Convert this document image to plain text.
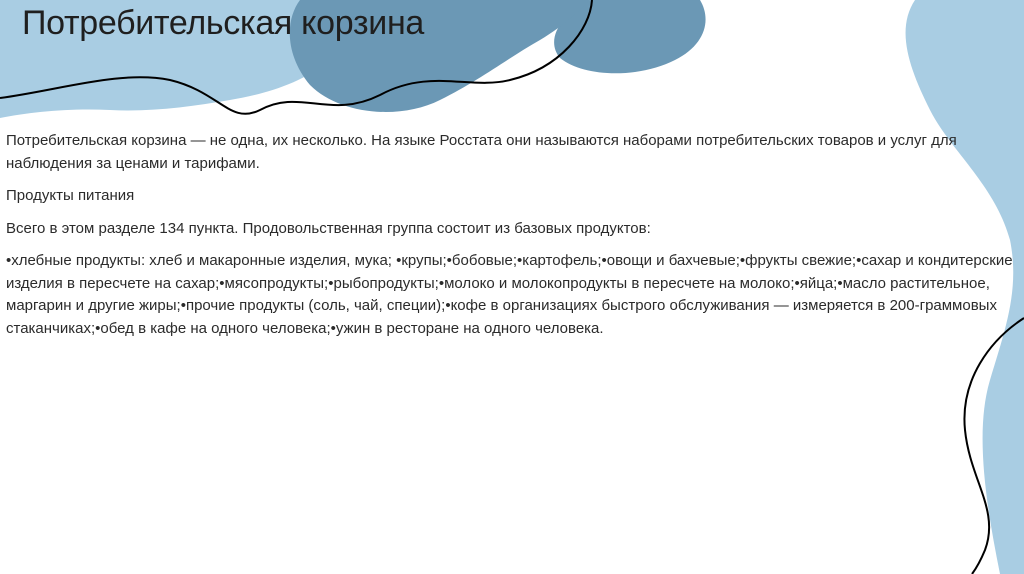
Потребительская корзина

Потребительская корзина — не одна, их несколько. На языке Росстата они называются наборами потребительских товаров и услуг для наблюдения за ценами и тарифами.

Продукты питания

Всего в этом разделе 134 пункта. Продовольственная группа состоит из базовых продуктов:

•хлебные продукты: хлеб и макаронные изделия, мука; •крупы;•бобовые;•картофель;•овощи и бахчевые;•фрукты свежие;•сахар и кондитерские изделия в пересчете на сахар;•мясопродукты;•рыбопродукты;•молоко и молокопродукты в пересчете на молоко;•яйца;•масло растительное, маргарин и другие жиры;•прочие продукты (соль, чай, специи);•кофе в организациях быстрого обслуживания — измеряется в 200-граммовых стаканчиках;•обед в кафе на одного человека;•ужин в ресторане на одного человека.
